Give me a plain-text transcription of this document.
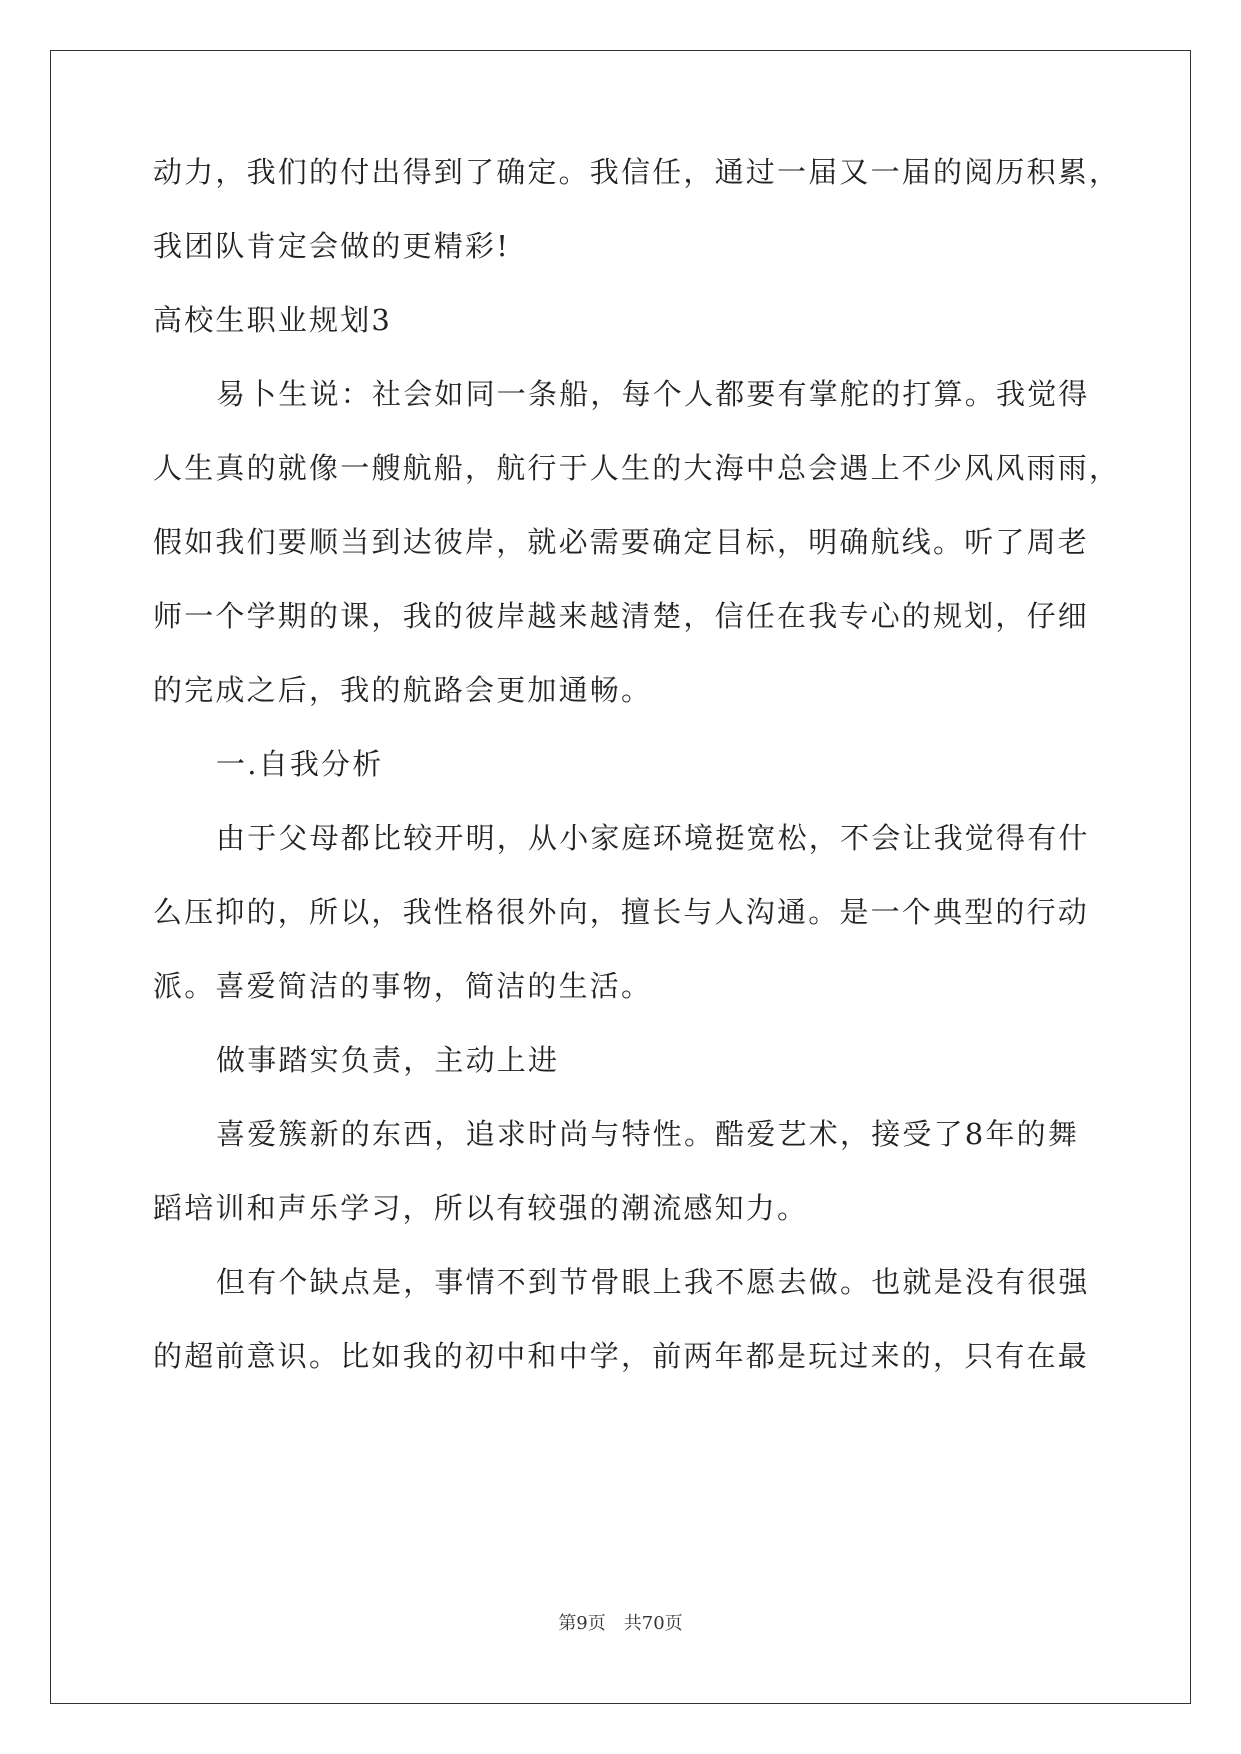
动力，我们的付出得到了确定。我信任，通过一届又一届的阅历积累，
我团队肯定会做的更精彩!
高校生职业规划3
易卜生说：社会如同一条船，每个人都要有掌舵的打算。我觉得
人生真的就像一艘航船，航行于人生的大海中总会遇上不少风风雨雨，
假如我们要顺当到达彼岸，就必需要确定目标，明确航线。听了周老
师一个学期的课，我的彼岸越来越清楚，信任在我专心的规划，仔细
的完成之后，我的航路会更加通畅。
一.自我分析
由于父母都比较开明，从小家庭环境挺宽松，不会让我觉得有什
么压抑的，所以，我性格很外向，擅长与人沟通。是一个典型的行动
派。喜爱简洁的事物，简洁的生活。
做事踏实负责，主动上进
喜爱簇新的东西，追求时尚与特性。酷爱艺术，接受了8年的舞
蹈培训和声乐学习，所以有较强的潮流感知力。
但有个缺点是，事情不到节骨眼上我不愿去做。也就是没有很强
的超前意识。比如我的初中和中学，前两年都是玩过来的，只有在最
第9页　共70页
